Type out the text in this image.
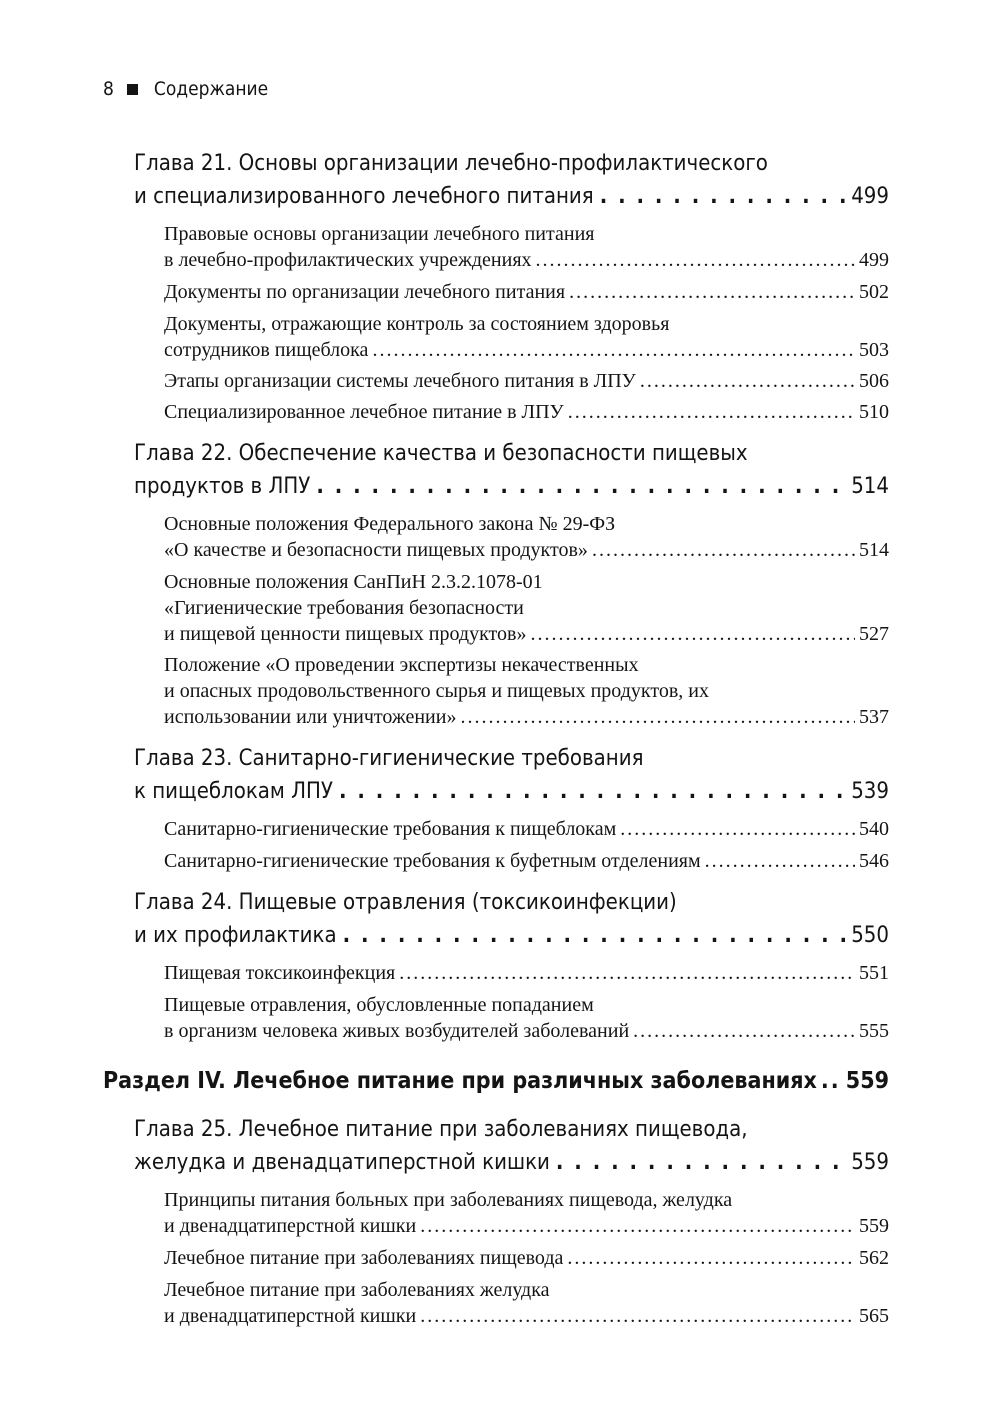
8 Содержание
Глава 21. Основы организации лечебно-профилактического
и специализированного лечебного питания . . .	499
Правовые основы организации лечебного питания
в лечебно-профилактических учреждениях .....	499
Документы по организации лечебного питания .....	502
Документы, отражающие контроль за состоянием здоровья
сотрудников пищеблока .....	503
Этапы организации системы лечебного питания в ЛПУ .....	506
Специализированное лечебное питание в ЛПУ .....	510
Глава 22. Обеспечение качества и безопасности пищевых
продуктов в ЛПУ . . .	514
Основные положения Федерального закона № 29-ФЗ
«О качестве и безопасности пищевых продуктов» .....	514
Основные положения СанПиН 2.3.2.1078-01
«Гигиенические требования безопасности
и пищевой ценности пищевых продуктов» .....	527
Положение «О проведении экспертизы некачественных
и опасных продовольственного сырья и пищевых продуктов, их
использовании или уничтожении» .....	537
Глава 23. Санитарно-гигиенические требования
к пищеблокам ЛПУ . . .	539
Санитарно-гигиенические требования к пищеблокам .....	540
Санитарно-гигиенические требования к буфетным отделениям .....	546
Глава 24. Пищевые отравления (токсикоинфекции)
и их профилактика . . .	550
Пищевая токсикоинфекция .....	551
Пищевые отравления, обусловленные попаданием
в организм человека живых возбудителей заболеваний .....	555
Раздел IV. Лечебное питание при различных заболеваниях ..... 559
Глава 25. Лечебное питание при заболеваниях пищевода,
желудка и двенадцатиперстной кишки . . .	559
Принципы питания больных при заболеваниях пищевода, желудка
и двенадцатиперстной кишки .....	559
Лечебное питание при заболеваниях пищевода .....	562
Лечебное питание при заболеваниях желудка
и двенадцатиперстной кишки .....	565
